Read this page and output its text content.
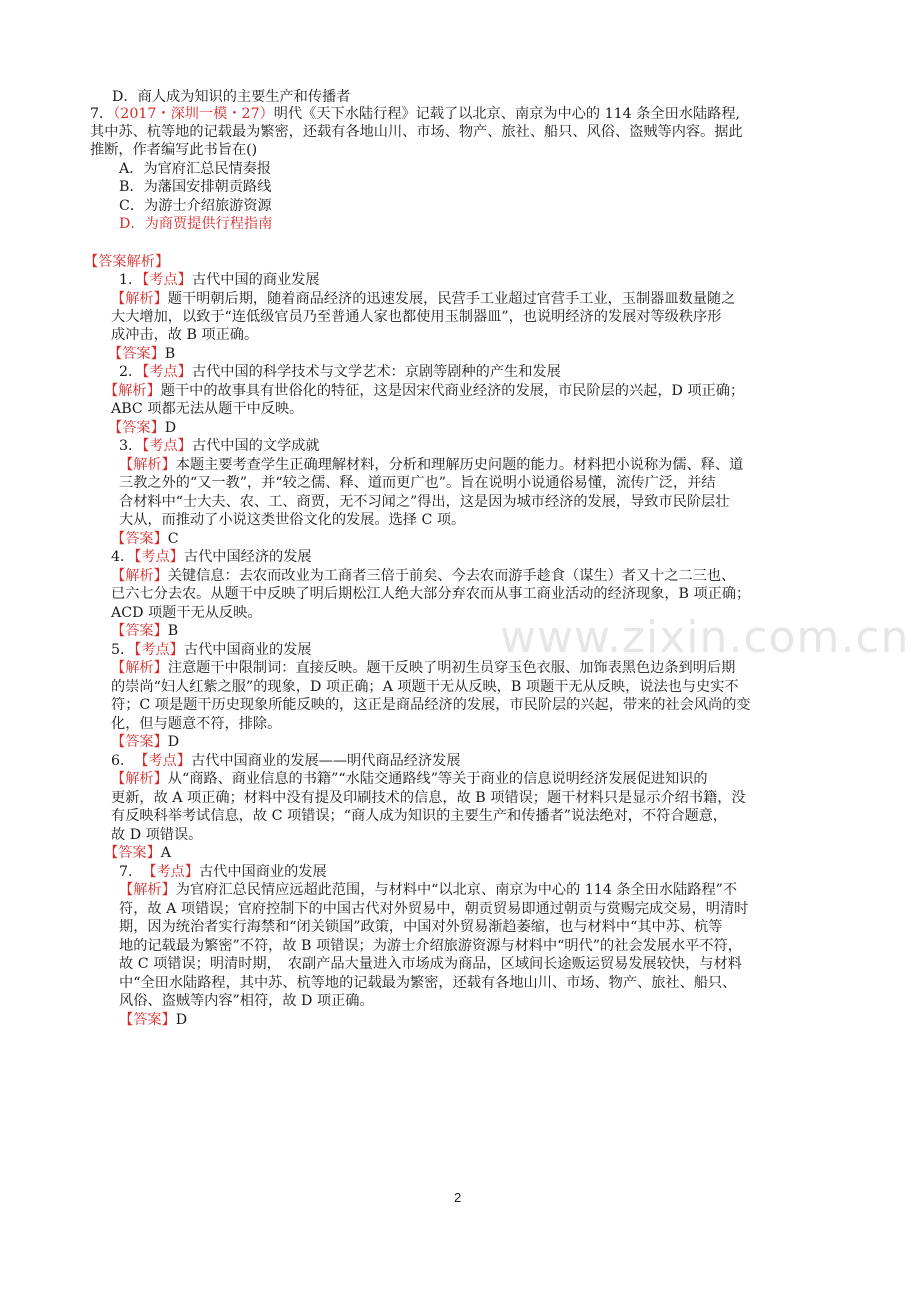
www.zixin.com.cn
D．商人成为知识的主要生产和传播者
7．（2017・深圳一模・27）明代《天下水陆行程》记载了以北京、南京为中心的 114 条全田水陆路程,
其中苏、杭等地的记载最为繁密，还载有各地山川、市场、物产、旅社、船只、风俗、盗贼等内容。据此
推断，作者编写此书旨在()
A．为官府汇总民情奏报
B．为藩国安排朝贡路线
C．为游士介绍旅游资源
D．为商贾提供行程指南
【答案解析】
1．【考点】古代中国的商业发展
【解析】题干明朝后期，随着商品经济的迅速发展，民营手工业超过官营手工业，玉制器皿数量随之
大大增加，以致于“连低级官员乃至普通人家也都使用玉制器皿”，也说明经济的发展对等级秩序形
成冲击，故 B 项正确。
【答案】B
2．【考点】古代中国的科学技术与文学艺术：京剧等剧种的产生和发展
【解析】题干中的故事具有世俗化的特征，这是因宋代商业经济的发展，市民阶层的兴起，D 项正确；
ABC 项都无法从题干中反映。
【答案】D
3．【考点】古代中国的文学成就
【解析】本题主要考查学生正确理解材料，分析和理解历史问题的能力。材料把小说称为儒、释、道
三教之外的“又一教”，并“较之儒、释、道而更广也”。旨在说明小说通俗易懂，流传广泛，并结
合材料中“士大夫、农、工、商贾，无不习闻之”得出，这是因为城市经济的发展，导致市民阶层壮
大从，而推动了小说这类世俗文化的发展。选择 C 项。
【答案】C
4．【考点】古代中国经济的发展
【解析】关键信息：去农而改业为工商者三倍于前矣、今去农而游手趁食（谋生）者又十之二三也、
已六七分去农。从题干中反映了明后期松江人绝大部分弃农而从事工商业活动的经济现象，B 项正确；
ACD 项题干无从反映。
【答案】B
5．【考点】古代中国商业的发展
【解析】注意题干中限制词：直接反映。题干反映了明初生员穿玉色衣服、加饰表黑色边条到明后期
的崇尚“妇人红紫之服”的现象，D 项正确；A 项题干无从反映，B 项题干无从反映，说法也与史实不
符；C 项是题干历史现象所能反映的，这正是商品经济的发展，市民阶层的兴起，带来的社会风尚的变
化，但与题意不符，排除。
【答案】D
6．　【考点】古代中国商业的发展——明代商品经济发展
【解析】从“商路、商业信息的书籍”“水陆交通路线”等关于商业的信息说明经济发展促进知识的
更新，故 A 项正确；材料中没有提及印刷技术的信息，故 B 项错误；题干材料只是显示介绍书籍，没
有反映科举考试信息，故 C 项错误；“商人成为知识的主要生产和传播者”说法绝对，不符合题意，
故 D 项错误。
【答案】A
7．　【考点】古代中国商业的发展
【解析】为官府汇总民情应远超此范围，与材料中“以北京、南京为中心的 114 条全田水陆路程”不
符，故 A 项错误；官府控制下的中国古代对外贸易中，朝贡贸易即通过朝贡与赏赐完成交易，明清时
期，因为统治者实行海禁和“闭关锁国”政策，中国对外贸易渐趋萎缩，也与材料中“其中苏、杭等
地的记载最为繁密”不符，故 B 项错误；为游士介绍旅游资源与材料中“明代”的社会发展水平不符，
故 C 项错误；明清时期，　农副产品大量进入市场成为商品，区域间长途贩运贸易发展较快，与材料
中“全田水陆路程，其中苏、杭等地的记载最为繁密，还载有各地山川、市场、物产、旅社、船只、
风俗、盗贼等内容”相符，故 D 项正确。
【答案】D
2
